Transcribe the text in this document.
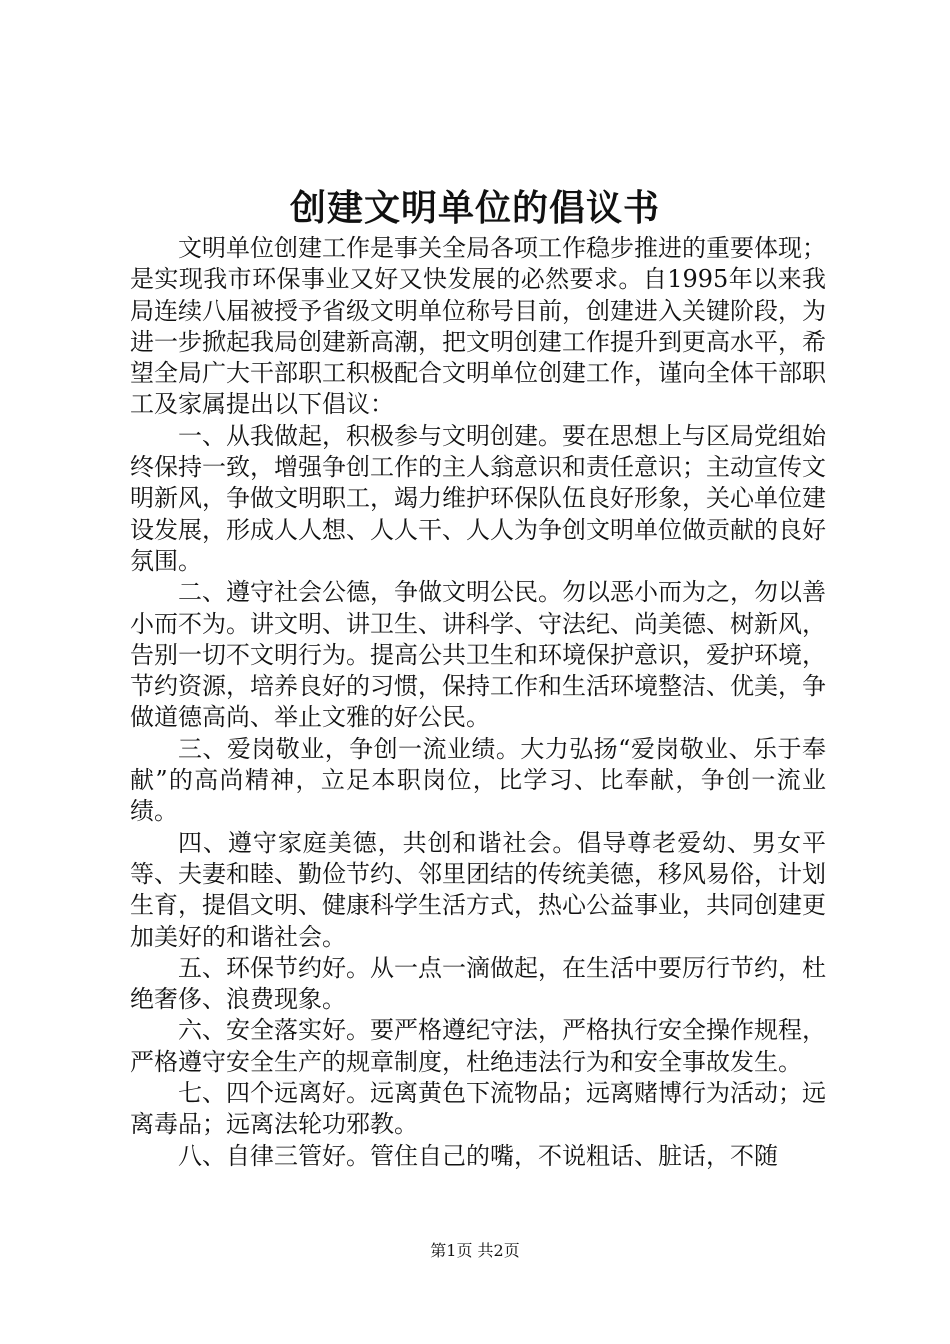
创建文明单位的倡议书

文明单位创建工作是事关全局各项工作稳步推进的重要体现；是实现我市环保事业又好又快发展的必然要求。自1995年以来我局连续八届被授予省级文明单位称号目前，创建进入关键阶段，为进一步掀起我局创建新高潮，把文明创建工作提升到更高水平，希望全局广大干部职工积极配合文明单位创建工作，谨向全体干部职工及家属提出以下倡议：

一、从我做起，积极参与文明创建。要在思想上与区局党组始终保持一致，增强争创工作的主人翁意识和责任意识；主动宣传文明新风，争做文明职工，竭力维护环保队伍良好形象，关心单位建设发展，形成人人想、人人干、人人为争创文明单位做贡献的良好氛围。

二、遵守社会公德，争做文明公民。勿以恶小而为之，勿以善小而不为。讲文明、讲卫生、讲科学、守法纪、尚美德、树新风，告别一切不文明行为。提高公共卫生和环境保护意识，爱护环境，节约资源，培养良好的习惯，保持工作和生活环境整洁、优美，争做道德高尚、举止文雅的好公民。

三、爱岗敬业，争创一流业绩。大力弘扬“爱岗敬业、乐于奉献”的高尚精神，立足本职岗位，比学习、比奉献，争创一流业绩。

四、遵守家庭美德，共创和谐社会。倡导尊老爱幼、男女平等、夫妻和睦、勤俭节约、邻里团结的传统美德，移风易俗，计划生育，提倡文明、健康科学生活方式，热心公益事业，共同创建更加美好的和谐社会。

五、环保节约好。从一点一滴做起，在生活中要厉行节约，杜绝奢侈、浪费现象。

六、安全落实好。要严格遵纪守法，严格执行安全操作规程，严格遵守安全生产的规章制度，杜绝违法行为和安全事故发生。

七、四个远离好。远离黄色下流物品；远离赌博行为活动；远离毒品；远离法轮功邪教。

八、自律三管好。管住自己的嘴，不说粗话、脏话，不随

第1页 共2页
